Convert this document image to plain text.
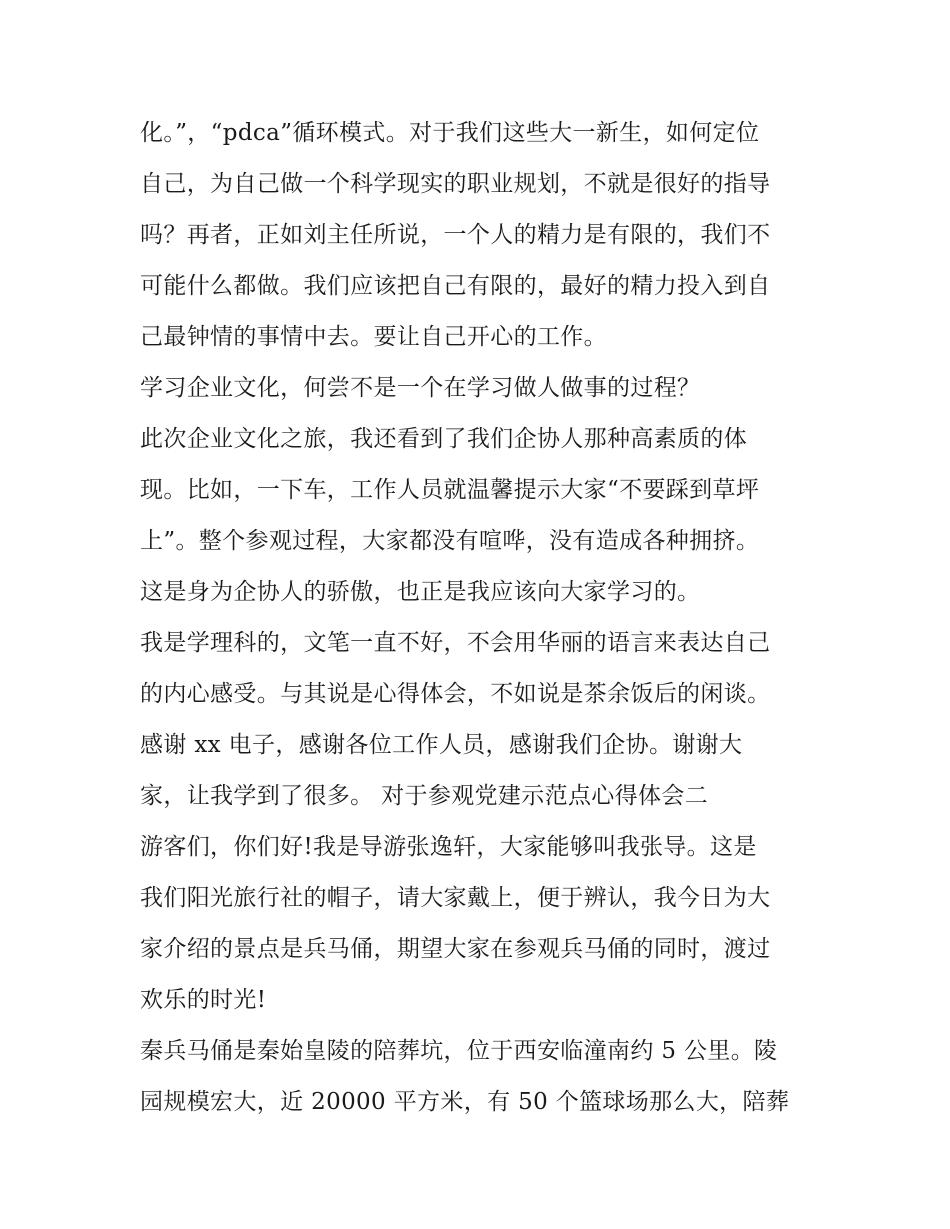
化。”，“pdca”循环模式。对于我们这些大一新生，如何定位
自己，为自己做一个科学现实的职业规划，不就是很好的指导
吗？再者，正如刘主任所说，一个人的精力是有限的，我们不
可能什么都做。我们应该把自己有限的，最好的精力投入到自
己最钟情的事情中去。要让自己开心的工作。
学习企业文化，何尝不是一个在学习做人做事的过程？
此次企业文化之旅，我还看到了我们企协人那种高素质的体
现。比如，一下车，工作人员就温馨提示大家“不要踩到草坪
上”。整个参观过程，大家都没有喧哗，没有造成各种拥挤。
这是身为企协人的骄傲，也正是我应该向大家学习的。
我是学理科的，文笔一直不好，不会用华丽的语言来表达自己
的内心感受。与其说是心得体会，不如说是茶余饭后的闲谈。
感谢 xx 电子，感谢各位工作人员，感谢我们企协。谢谢大
家，让我学到了很多。 对于参观党建示范点心得体会二
游客们，你们好!我是导游张逸轩，大家能够叫我张导。这是
我们阳光旅行社的帽子，请大家戴上，便于辨认，我今日为大
家介绍的景点是兵马俑，期望大家在参观兵马俑的同时，渡过
欢乐的时光!
秦兵马俑是秦始皇陵的陪葬坑，位于西安临潼南约 5 公里。陵
园规模宏大，近 20000 平方米，有 50 个篮球场那么大，陪葬
